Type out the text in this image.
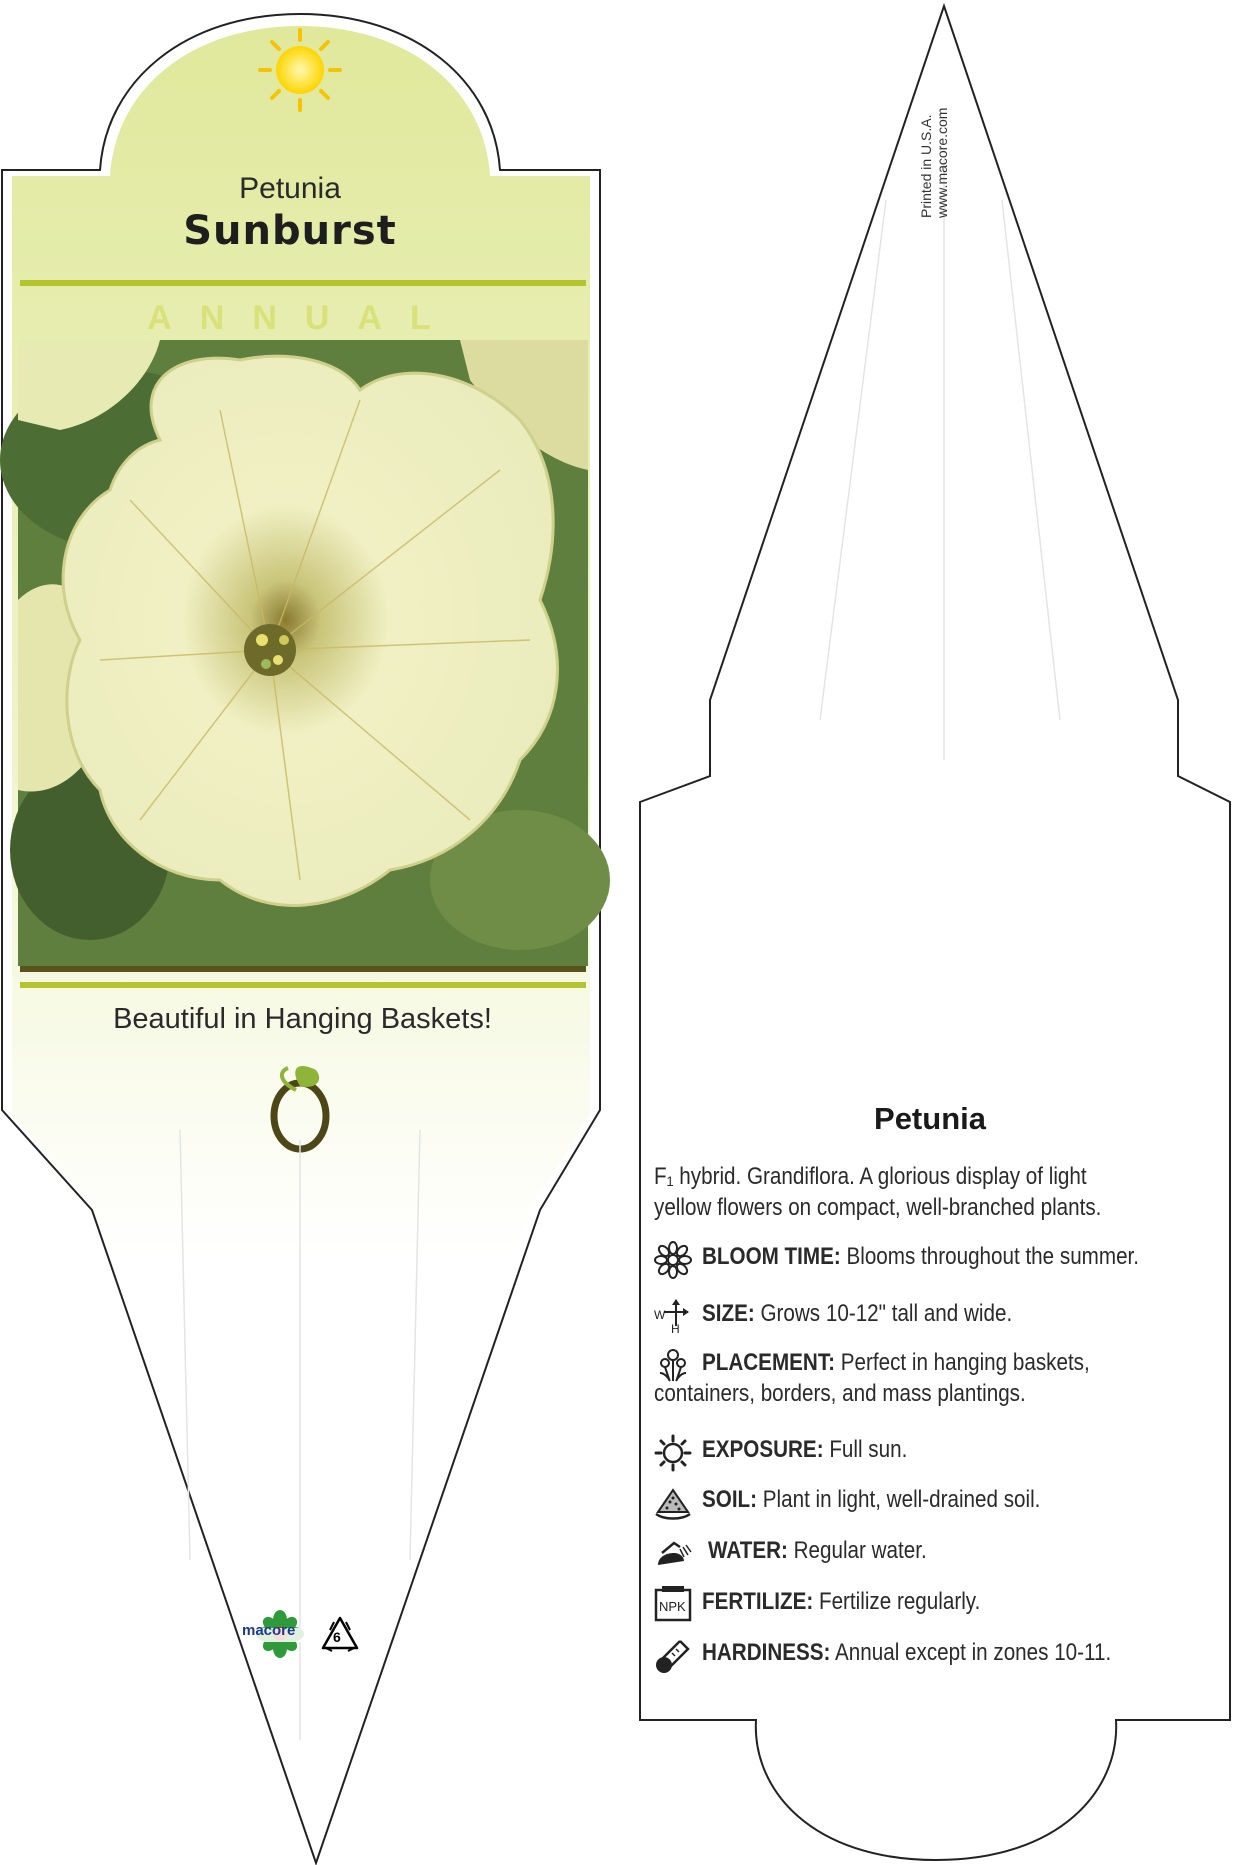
Petunia
Sunburst
ANNUAL
Beautiful in Hanging Baskets!
macore	6
Printed in U.S.A. www.macore.com
Petunia
F₁ hybrid. Grandiflora. A glorious display of light yellow flowers on compact, well-branched plants.
BLOOM TIME: Blooms throughout the summer.
W
H
SIZE: Grows 10-12" tall and wide.
PLACEMENT: Perfect in hanging baskets,
containers, borders, and mass plantings.
EXPOSURE: Full sun.
SOIL: Plant in light, well-drained soil.
WATER: Regular water.
NPK FERTILIZE: Fertilize regularly.
HARDINESS: Annual except in zones 10-11.
